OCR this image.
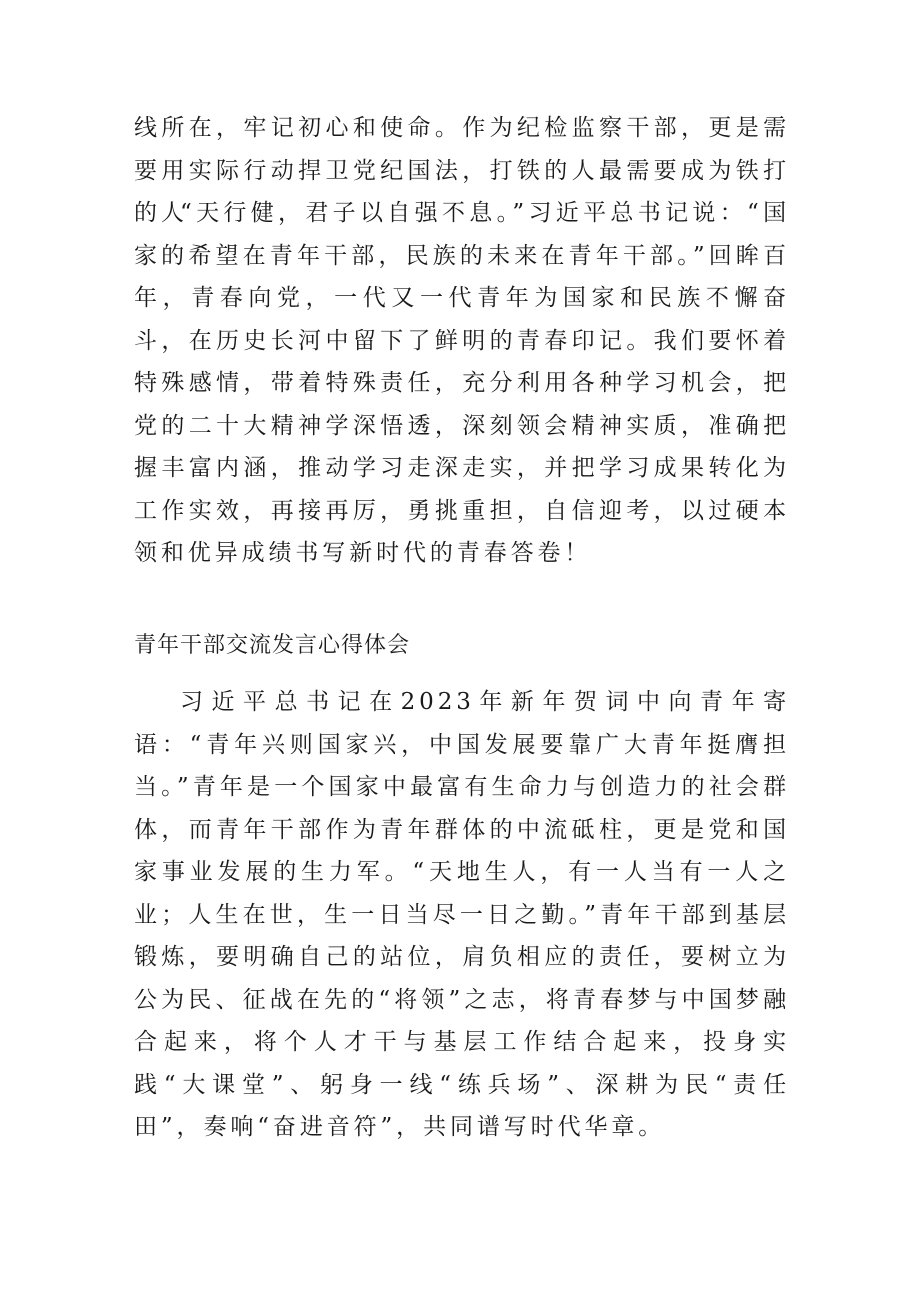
线所在，牢记初心和使命。作为纪检监察干部，更是需要用实际行动捍卫党纪国法，打铁的人最需要成为铁打的人

“天行健，君子以自强不息。”习近平总书记说：“国家的希望在青年干部，民族的未来在青年干部。”回眸百年，青春向党，一代又一代青年为国家和民族不懈奋斗，在历史长河中留下了鲜明的青春印记。我们要怀着特殊感情，带着特殊责任，充分利用各种学习机会，把党的二十大精神学深悟透，深刻领会精神实质，准确把握丰富内涵，推动学习走深走实，并把学习成果转化为工作实效，再接再厉，勇挑重担，自信迎考，以过硬本领和优异成绩书写新时代的青春答卷！

青年干部交流发言心得体会

习近平总书记在2023年新年贺词中向青年寄语：“青年兴则国家兴，中国发展要靠广大青年挺膺担当。”青年是一个国家中最富有生命力与创造力的社会群体，而青年干部作为青年群体的中流砥柱，更是党和国家事业发展的生力军。“天地生人，有一人当有一人之业；人生在世，生一日当尽一日之勤。”青年干部到基层锻炼，要明确自己的站位，肩负相应的责任，要树立为公为民、征战在先的“将领”之志，将青春梦与中国梦融合起来，将个人才干与基层工作结合起来，投身实践“大课堂”、躬身一线“练兵场”、深耕为民“责任田”，奏响“奋进音符”，共同谱写时代华章。
